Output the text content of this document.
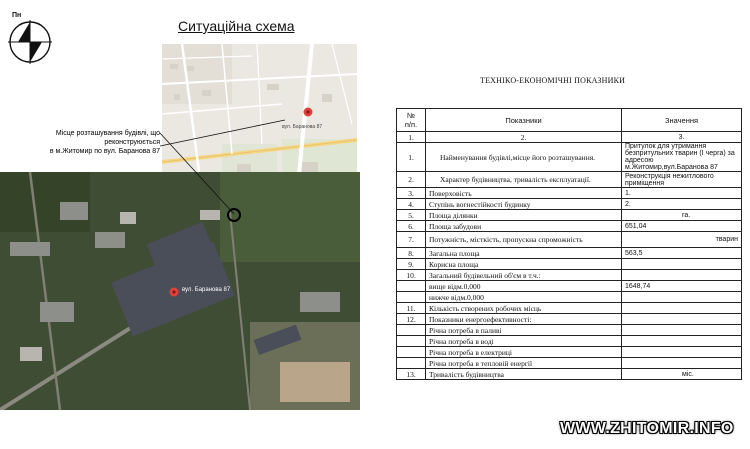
Пн
Ситуаційна схема
вул. Баранова 87
вул. Баранова 87
Місце розташування будівлі, що реконструюється
в м.Житомир по вул. Баранова 87
ТЕХНІКО-ЕКОНОМІЧНІ ПОКАЗНИКИ
№
п/п.	Показники	Значення
1.	2.	3.
1.	Найменування будівлі,місце його розташування.	Притулок для утримання безпритульних тварин (І черга) за адресою м.Житомир,вул.Баранова 87
2.	Характер будівництва, тривалість експлуатації.	Реконструкція нежитлового приміщення
3.	Поверховість	1.
4.	Ступінь вогнестійкості будинку	2.
5.	Площа ділянки	га.
6.	Площа забудови	651,04
7.	Потужність, місткість, пропускна спроможність	тварин
8.	Загальна площа	563,5
9.	Корисна площа	
10.	Загальний будівельний об'єм в т.ч.:	
	вище відм.0,000	1648,74
	нижче відм.0,000	
11.	Кількість створених робочих місць	
12.	Показники енергоефективності:	
	Річна потреба в паливі	
	Річна потреба в воді	
	Річна потреба в електриці	
	Річна потреба в тепловій енергії	
13.	Тривалість будівництва	міс.
WWW.ZHITOMIR.INFO
